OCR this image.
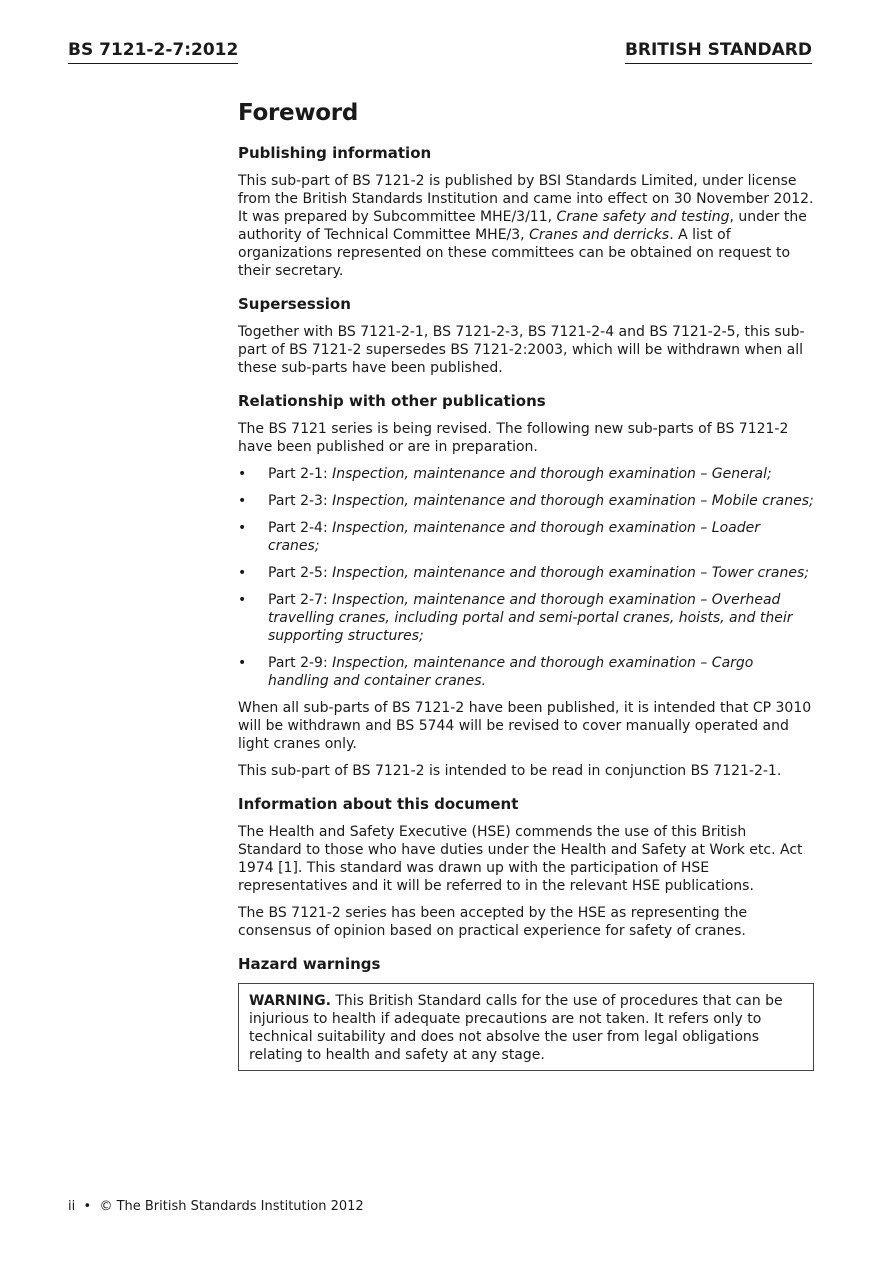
BS 7121-2-7:2012	BRITISH STANDARD
Foreword
Publishing information

This sub-part of BS 7121-2 is published by BSI Standards Limited, under license from the British Standards Institution and came into effect on 30 November 2012. It was prepared by Subcommittee MHE/3/11, Crane safety and testing, under the authority of Technical Committee MHE/3, Cranes and derricks. A list of organizations represented on these committees can be obtained on request to their secretary.

Supersession

Together with BS 7121-2-1, BS 7121-2-3, BS 7121-2-4 and BS 7121-2-5, this sub-part of BS 7121-2 supersedes BS 7121-2:2003, which will be withdrawn when all these sub-parts have been published.

Relationship with other publications

The BS 7121 series is being revised. The following new sub-parts of BS 7121-2 have been published or are in preparation.

• Part 2-1: Inspection, maintenance and thorough examination – General;
• Part 2-3: Inspection, maintenance and thorough examination – Mobile cranes;
• Part 2-4: Inspection, maintenance and thorough examination – Loader cranes;
• Part 2-5: Inspection, maintenance and thorough examination – Tower cranes;
• Part 2-7: Inspection, maintenance and thorough examination – Overhead travelling cranes, including portal and semi-portal cranes, hoists, and their supporting structures;
• Part 2-9: Inspection, maintenance and thorough examination – Cargo handling and container cranes.

When all sub-parts of BS 7121-2 have been published, it is intended that CP 3010 will be withdrawn and BS 5744 will be revised to cover manually operated and light cranes only.

This sub-part of BS 7121-2 is intended to be read in conjunction BS 7121-2-1.

Information about this document

The Health and Safety Executive (HSE) commends the use of this British Standard to those who have duties under the Health and Safety at Work etc. Act 1974 [1]. This standard was drawn up with the participation of HSE representatives and it will be referred to in the relevant HSE publications.

The BS 7121-2 series has been accepted by the HSE as representing the consensus of opinion based on practical experience for safety of cranes.

Hazard warnings
WARNING. This British Standard calls for the use of procedures that can be injurious to health if adequate precautions are not taken. It refers only to technical suitability and does not absolve the user from legal obligations relating to health and safety at any stage.
ii • © The British Standards Institution 2012
